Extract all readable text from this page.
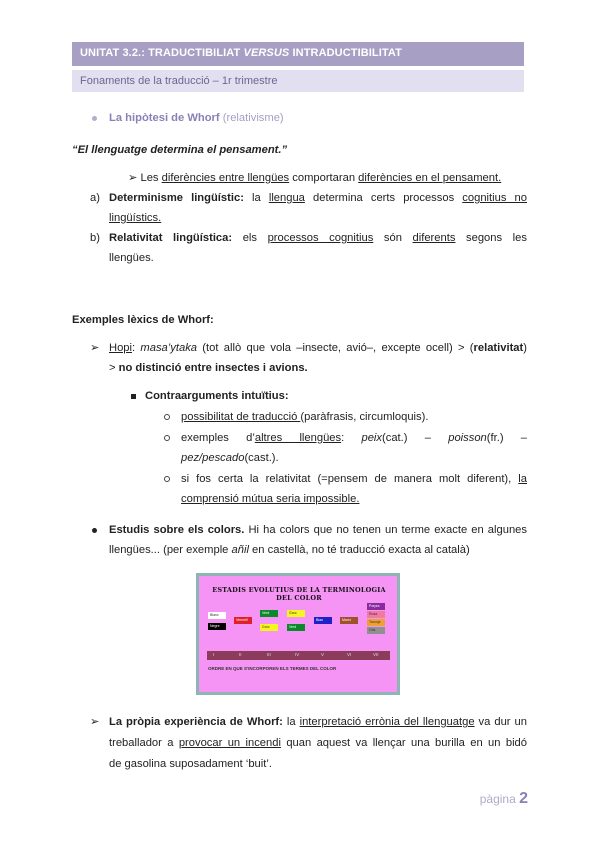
UNITAT 3.2.: TRADUCTIBILIAT VERSUS INTRADUCTIBILITAT
Fonaments de la traducció – 1r trimestre
La hipòtesi de Whorf (relativisme)
“El llenguatge determina el pensament.”
➢ Les diferències entre llengües comportaran diferències en el pensament.
a) Determinisme lingüístic: la llengua determina certs processos cognitius no
lingüístics.
b) Relativitat lingüística: els processos cognitius són diferents segons les
llengües.
Exemples lèxics de Whorf:
➢ Hopi: masa’ytaka (tot allò que vola –insecte, avió–, excepte ocell) > (relativitat)
> no distinció entre insectes i avions.
Contraarguments intuïtius:
possibilitat de traducció (paràfrasis, circumloquis).
exemples d’altres llengües: peix(cat.) – poisson(fr.) –
pez/pescado(cast.).
si fos certa la relativitat (=pensem de manera molt diferent), la
comprensió mútua seria impossible.
Estudis sobre els colors. Hi ha colors que no tenen un terme exacte en algunes
llengües... (per exemple añil en castellà, no té traducció exacta al català)
ESTADIS EVOLUTIUS DE LA TERMINOLOGIA DEL COLOR
Blanc
Negre
Vermell
Verd
Groc
Groc
Verd
Blau	Marró
Porpra
Rosa
Taronja
Gris
I	II	III	IV	V	VI	VII
ORDRE EN QUE S'INCORPOREN ELS TERMES DEL COLOR
➢ La pròpia experiència de Whorf: la interpretació errònia del llenguatge va dur un
treballador a provocar un incendi quan aquest va llençar una burilla en un bidó
de gasolina suposadament ‘buit’.
pàgina 2
